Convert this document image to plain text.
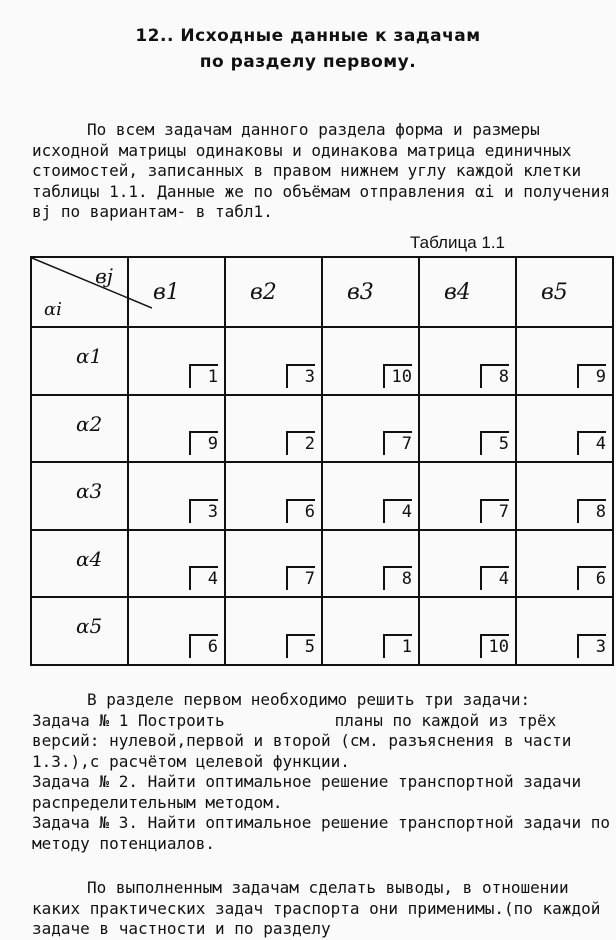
12.. Исходные данные к задачам
по разделу первому.
По всем задачам данного раздела форма и размеры исходной матрицы одинаковы и одинакова матрица единичных стоимостей, записанных в правом нижнем углу каждой клетки таблицы 1.1. Данные же по объёмам отправления αі и получения вj по вариантам- в табл1.
Таблица 1.1
вj
αі	в1	в2	в3	в4	в5
α1	1	3	10	8	9

α2	9	2	7	5	4

α3	3	6	4	7	8

α4	4	7	8	4	6

α5	6	5	1	10	3
В разделе первом необходимо решить три задачи:
Задача № 1 Построить	планы по каждой из трёх версий: нулевой,первой и второй (см. разъяснения в части 1.3.),с расчётом целевой функции.
Задача № 2. Найти оптимальное решение транспортной задачи распределительным методом.
Задача № 3. Найти оптимальное решение транспортной задачи по методу потенциалов.
По выполненным задачам сделать выводы, в отношении каких практических задач траспорта они применимы.(по каждой задаче в частности и по разделу
